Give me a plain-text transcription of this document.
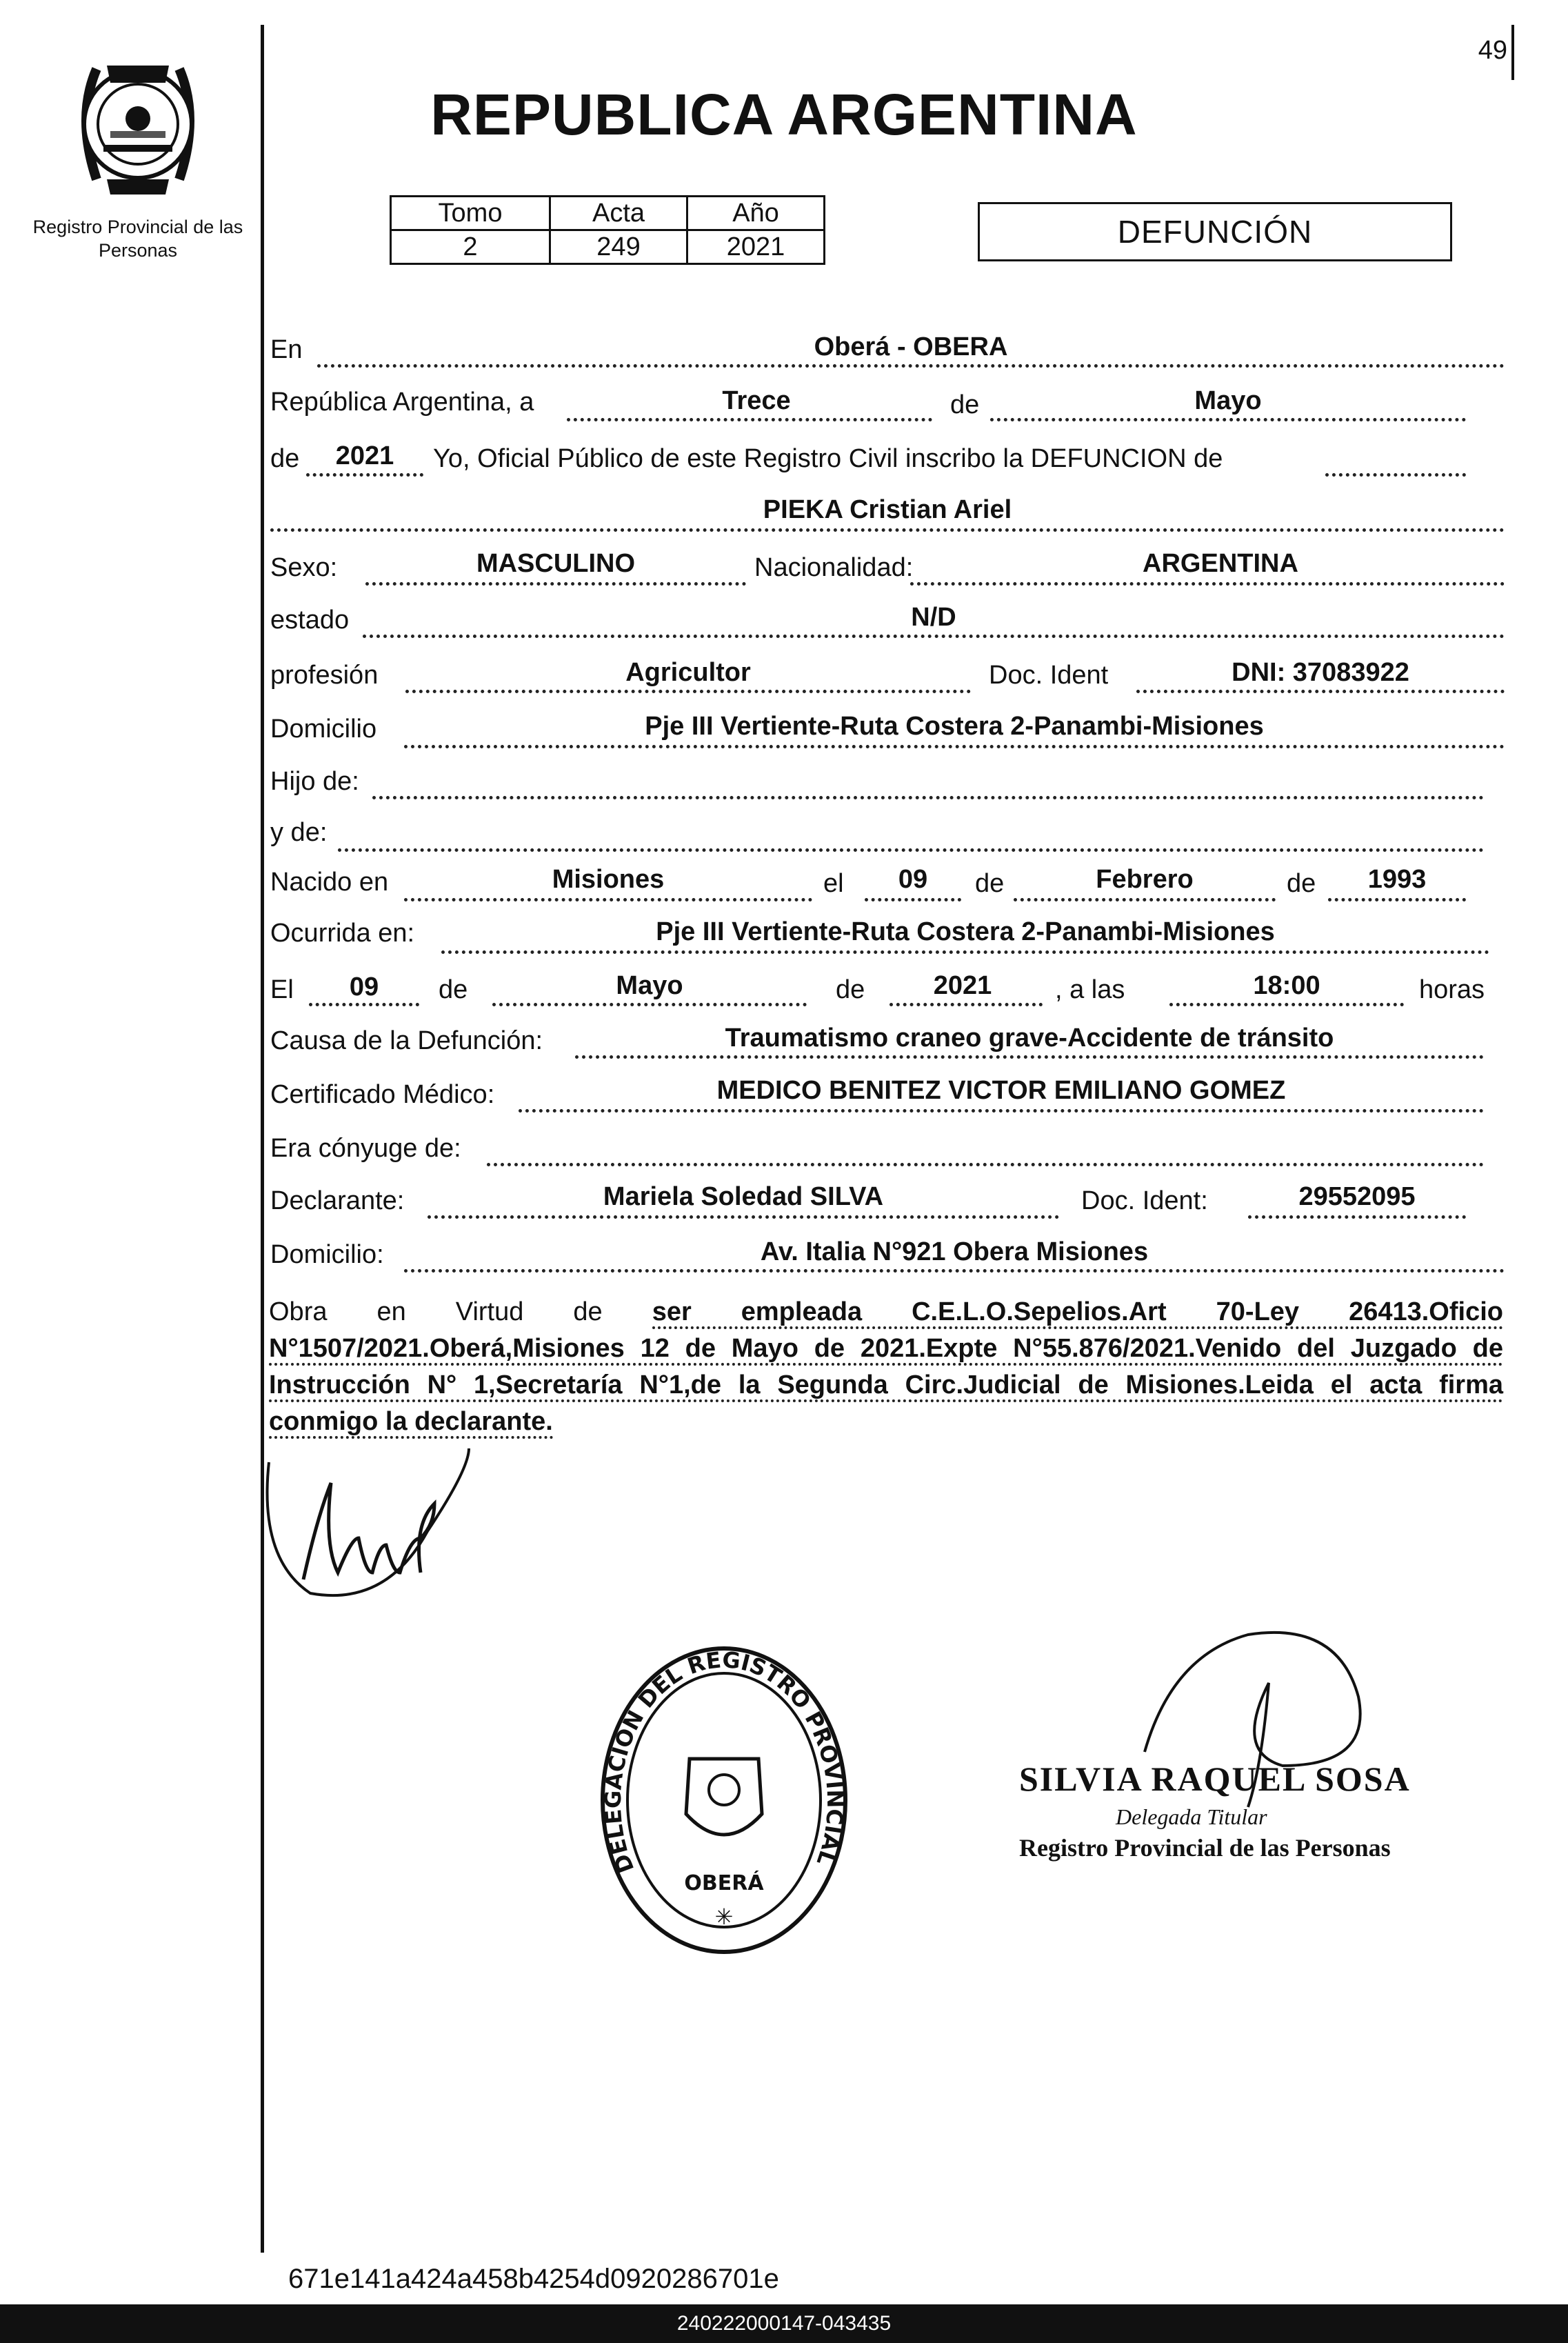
49
Registro Provincial de las Personas
REPUBLICA ARGENTINA
Tomo	Acta	Año
2	249	2021	DEFUNCIÓN
En	Oberá - OBERA
República Argentina, a	Trece	de	Mayo
de	2021	Yo, Oficial Público de este Registro Civil inscribo la DEFUNCION de
PIEKA Cristian Ariel
Sexo:	MASCULINO	Nacionalidad:	ARGENTINA
estado	N/D
profesión	Agricultor	Doc. Ident	DNI: 37083922
Domicilio	Pje III Vertiente-Ruta Costera 2-Panambi-Misiones
Hijo de:
y de:
Nacido en	Misiones	el	09	de	Febrero	de	1993
Ocurrida en:	Pje III Vertiente-Ruta Costera 2-Panambi-Misiones
El	09	de	Mayo	de	2021	, a las	18:00	horas
Causa de la Defunción:	Traumatismo craneo grave-Accidente de tránsito
Certificado Médico:	MEDICO BENITEZ VICTOR EMILIANO GOMEZ
Era cónyuge de:
Declarante:	Mariela Soledad SILVA	Doc. Ident:	29552095
Domicilio:	Av. Italia N°921 Obera Misiones
Obra en Virtud de ser empleada C.E.L.O.Sepelios.Art 70-Ley 26413.Oficio N°1507/2021.Oberá,Misiones 12 de Mayo de 2021.Expte N°55.876/2021.Venido del Juzgado de Instrucción N° 1,Secretaría N°1,de la Segunda Circ.Judicial de Misiones.Leida el acta firma conmigo la declarante.
DELEGACIÓN DEL REGISTRO PROVINCIAL
OBERÁ
✳
SILVIA RAQUEL SOSA
Delegada Titular
Registro Provincial de las Personas
671e141a424a458b4254d0920286701e
240222000147-043435
